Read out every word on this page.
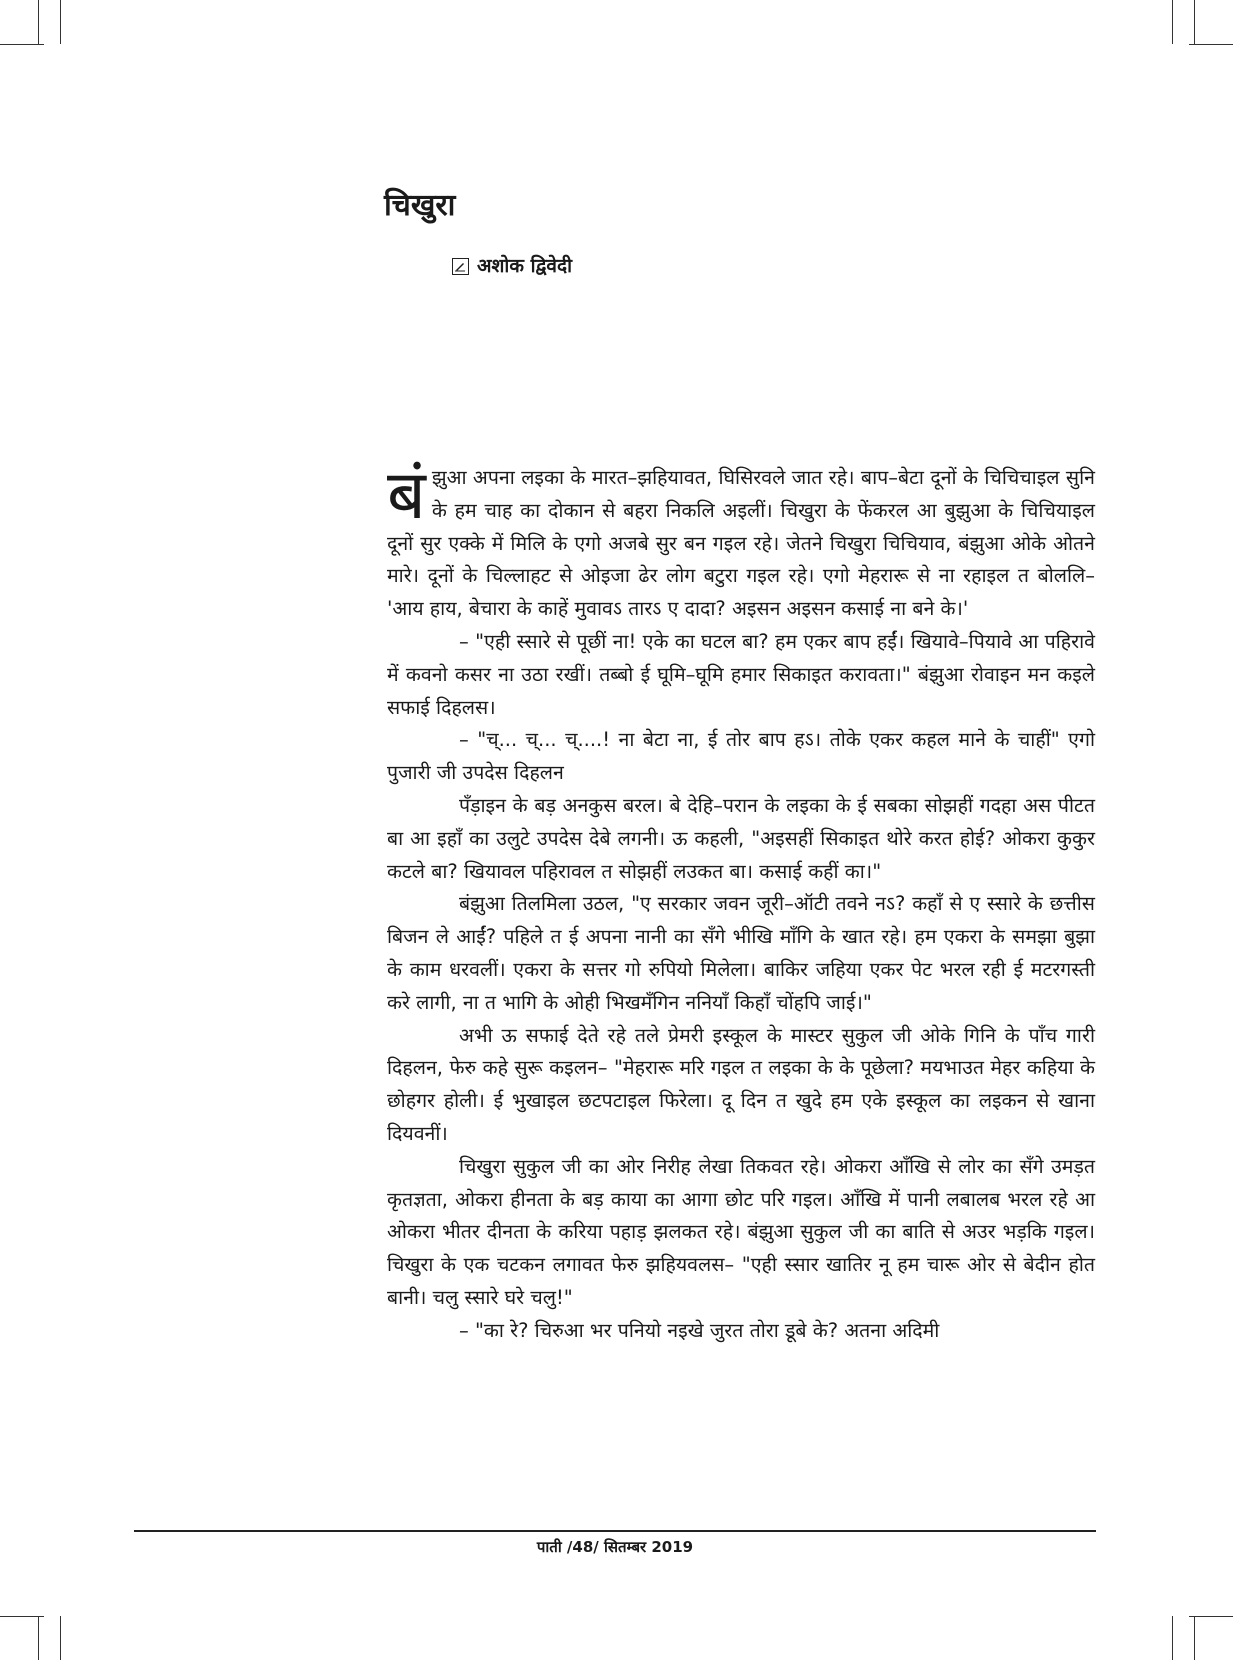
चिखुरा
अशोक द्विवेदी

बंझुआ अपना लइका के मारत–झहियावत, घिसिरवले जात रहे। बाप–बेटा दूनों के चिचिचाइल सुनि के हम चाह का दोकान से बहरा निकलि अइलीं। चिखुरा के फेंकरल आ बुझुआ के चिचियाइल दूनों सुर एक्के में मिलि के एगो अजबे सुर बन गइल रहे। जेतने चिखुरा चिचियाव, बंझुआ ओके ओतने मारे। दूनों के चिल्लाहट से ओइजा ढेर लोग बटुरा गइल रहे। एगो मेहरारू से ना रहाइल त बोललि– 'आय हाय, बेचारा के काहें मुवावऽ तारऽ ए दादा? अइसन अइसन कसाई ना बने के।'

– "एही स्सारे से पूछीं ना! एके का घटल बा? हम एकर बाप हईं। खियावे–पियावे आ पहिरावे में कवनो कसर ना उठा रखीं। तब्बो ई घूमि–घूमि हमार सिकाइत करावता।" बंझुआ रोवाइन मन कइले सफाई दिहलस।

– "च्... च्... च्....! ना बेटा ना, ई तोर बाप हऽ। तोके एकर कहल माने के चाहीं" एगो पुजारी जी उपदेस दिहलन

पँड़ाइन के बड़ अनकुस बरल। बे देहि–परान के लइका के ई सबका सोझहीं गदहा अस पीटत बा आ इहाँ का उलुटे उपदेस देबे लगनी। ऊ कहली, "अइसहीं सिकाइत थोरे करत होई? ओकरा कुकुर कटले बा? खियावल पहिरावल त सोझहीं लउकत बा। कसाई कहीं का।"

बंझुआ तिलमिला उठल, "ए सरकार जवन जूरी–ऑटी तवने नऽ? कहाँ से ए स्सारे के छत्तीस बिजन ले आईं? पहिले त ई अपना नानी का सँगे भीखि माँगि के खात रहे। हम एकरा के समझा बुझा के काम धरवलीं। एकरा के सत्तर गो रुपियो मिलेला। बाकिर जहिया एकर पेट भरल रही ई मटरगस्ती करे लागी, ना त भागि के ओही भिखमँगिन ननियाँ किहाँ चोंहपि जाई।"

अभी ऊ सफाई देते रहे तले प्रेमरी इस्कूल के मास्टर सुकुल जी ओके गिनि के पाँच गारी दिहलन, फेरु कहे सुरू कइलन– "मेहरारू मरि गइल त लइका के के पूछेला? मयभाउत मेहर कहिया के छोहगर होली। ई भुखाइल छटपटाइल फिरेला। दू दिन त खुदे हम एके इस्कूल का लइकन से खाना दियवनीं।

चिखुरा सुकुल जी का ओर निरीह लेखा तिकवत रहे। ओकरा आँखि से लोर का सँगे उमड़त कृतज्ञता, ओकरा हीनता के बड़ काया का आगा छोट परि गइल। आँखि में पानी लबालब भरल रहे आ ओकरा भीतर दीनता के करिया पहाड़ झलकत रहे। बंझुआ सुकुल जी का बाति से अउर भड़कि गइल। चिखुरा के एक चटकन लगावत फेरु झहियवलस– "एही स्सार खातिर नू हम चारू ओर से बेदीन होत बानी। चलु स्सारे घरे चलु!"

– "का रे? चिरुआ भर पनियो नइखे जुरत तोरा डूबे के? अतना अदिमी

पाती /48/ सितम्बर 2019
